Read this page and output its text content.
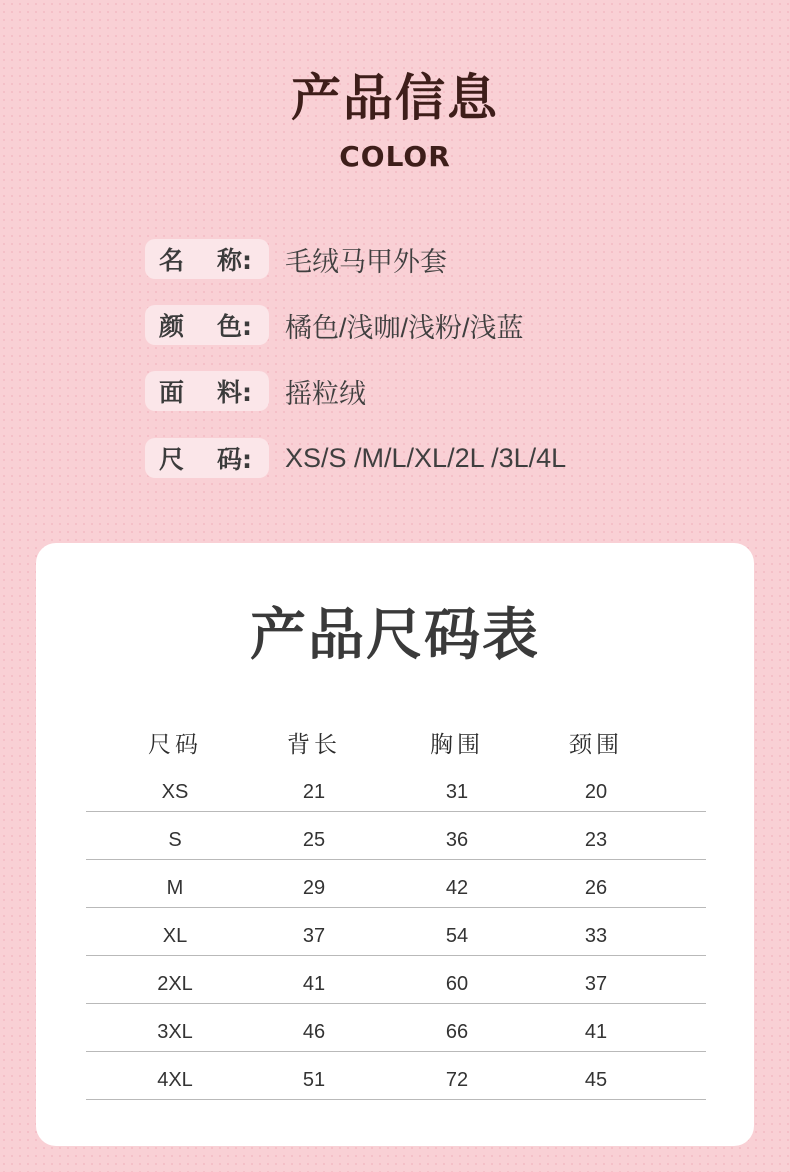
产品信息
COLOR
名	称: 毛绒马甲外套
颜	色: 橘色/浅咖/浅粉/浅蓝
面	料: 摇粒绒
尺	码: XS/S /M/L/XL/2L /3L/4L
产品尺码表
尺码	背长	胸围	颈围
XS	21	31	20
S	25	36	23
M	29	42	26
XL	37	54	33
2XL	41	60	37
3XL	46	66	41
4XL	51	72	45
